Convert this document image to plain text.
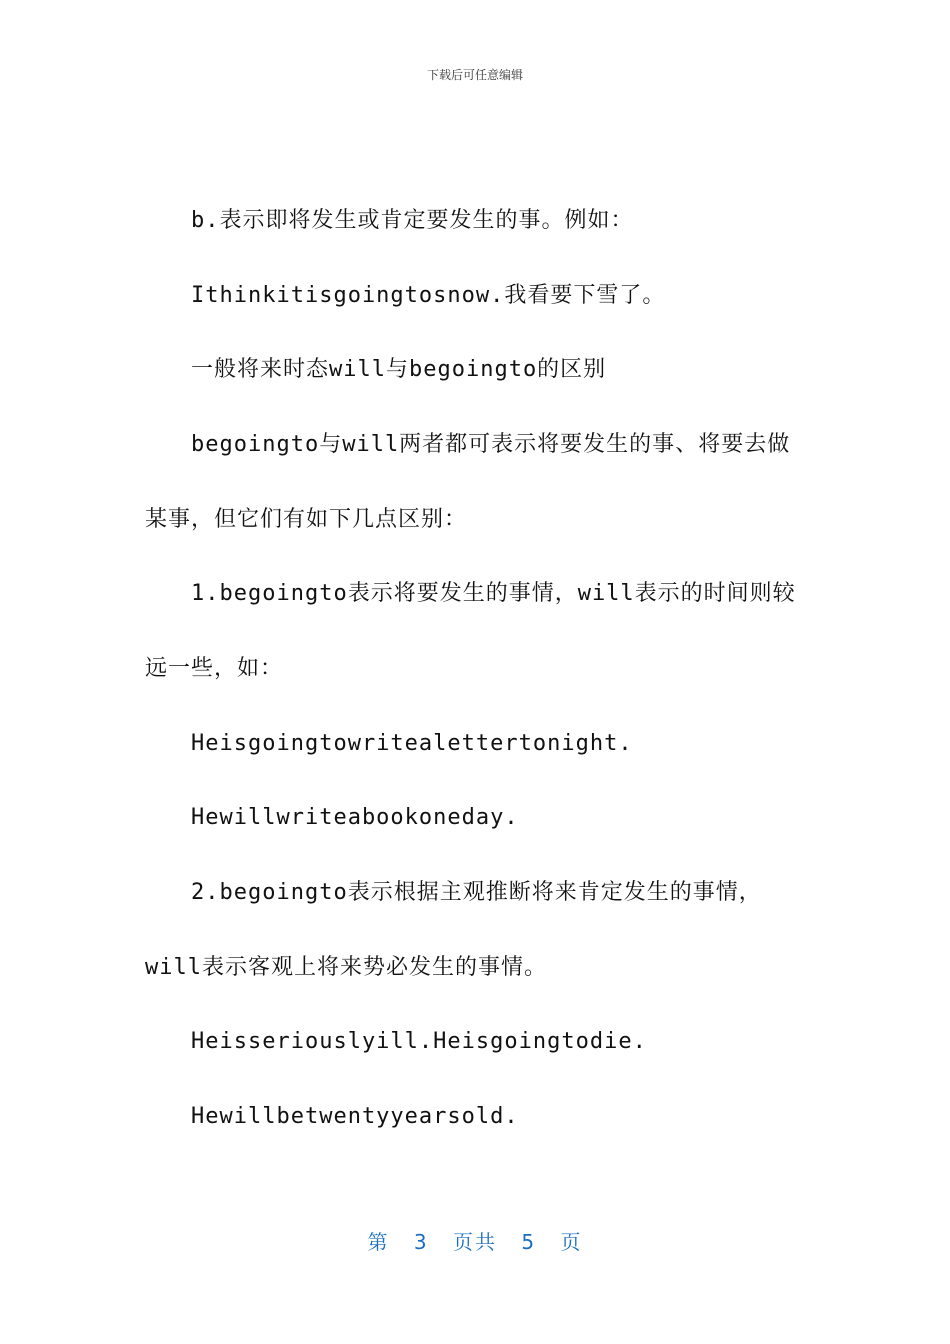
下载后可任意编辑
b.表示即将发生或肯定要发生的事。例如：
Ithinkitisgoingtosnow.我看要下雪了。
一般将来时态will与begoingto的区别
begoingto与will两者都可表示将要发生的事、将要去做
某事，但它们有如下几点区别：
1.begoingto表示将要发生的事情，will表示的时间则较
远一些，如：
Heisgoingtowritealettertonight.
Hewillwriteabookoneday.
2.begoingto表示根据主观推断将来肯定发生的事情，
will表示客观上将来势必发生的事情。
Heisseriouslyill.Heisgoingtodie.
Hewillbetwentyyearsold.
第 3 页共 5 页
